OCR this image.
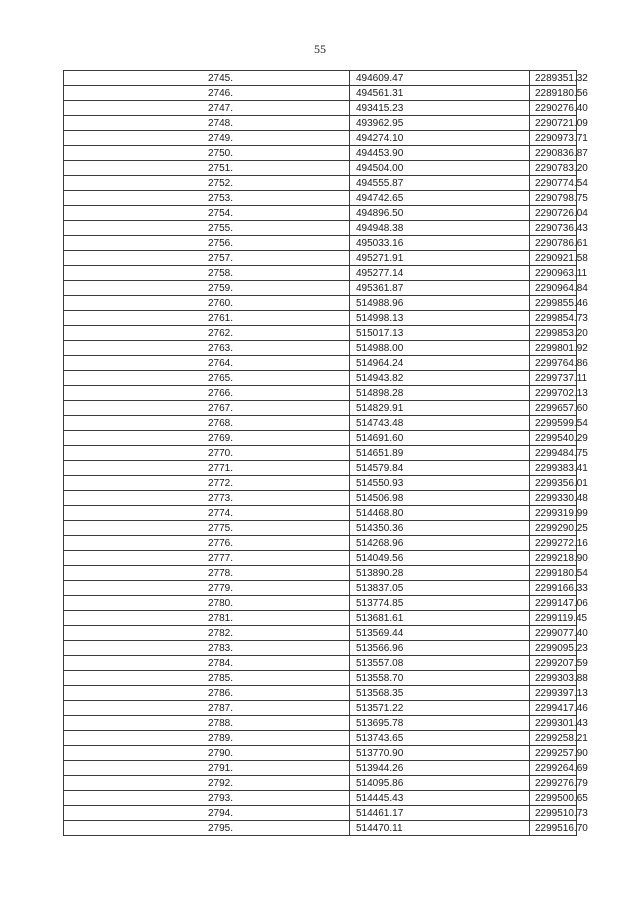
55
2745.	494609.47	2289351.32
2746.	494561.31	2289180.56
2747.	493415.23	2290276.40
2748.	493962.95	2290721.09
2749.	494274.10	2290973.71
2750.	494453.90	2290836.87
2751.	494504.00	2290783.20
2752.	494555.87	2290774.54
2753.	494742.65	2290798.75
2754.	494896.50	2290726.04
2755.	494948.38	2290736.43
2756.	495033.16	2290786.61
2757.	495271.91	2290921.58
2758.	495277.14	2290963.11
2759.	495361.87	2290964.84
2760.	514988.96	2299855.46
2761.	514998.13	2299854.73
2762.	515017.13	2299853.20
2763.	514988.00	2299801.92
2764.	514964.24	2299764.86
2765.	514943.82	2299737.11
2766.	514898.28	2299702.13
2767.	514829.91	2299657.60
2768.	514743.48	2299599.54
2769.	514691.60	2299540.29
2770.	514651.89	2299484.75
2771.	514579.84	2299383.41
2772.	514550.93	2299356.01
2773.	514506.98	2299330.48
2774.	514468.80	2299319.99
2775.	514350.36	2299290.25
2776.	514268.96	2299272.16
2777.	514049.56	2299218.90
2778.	513890.28	2299180.54
2779.	513837.05	2299166.33
2780.	513774.85	2299147.06
2781.	513681.61	2299119.45
2782.	513569.44	2299077.40
2783.	513566.96	2299095.23
2784.	513557.08	2299207.59
2785.	513558.70	2299303.88
2786.	513568.35	2299397.13
2787.	513571.22	2299417.46
2788.	513695.78	2299301.43
2789.	513743.65	2299258.21
2790.	513770.90	2299257.90
2791.	513944.26	2299264.69
2792.	514095.86	2299276.79
2793.	514445.43	2299500.65
2794.	514461.17	2299510.73
2795.	514470.11	2299516.70
